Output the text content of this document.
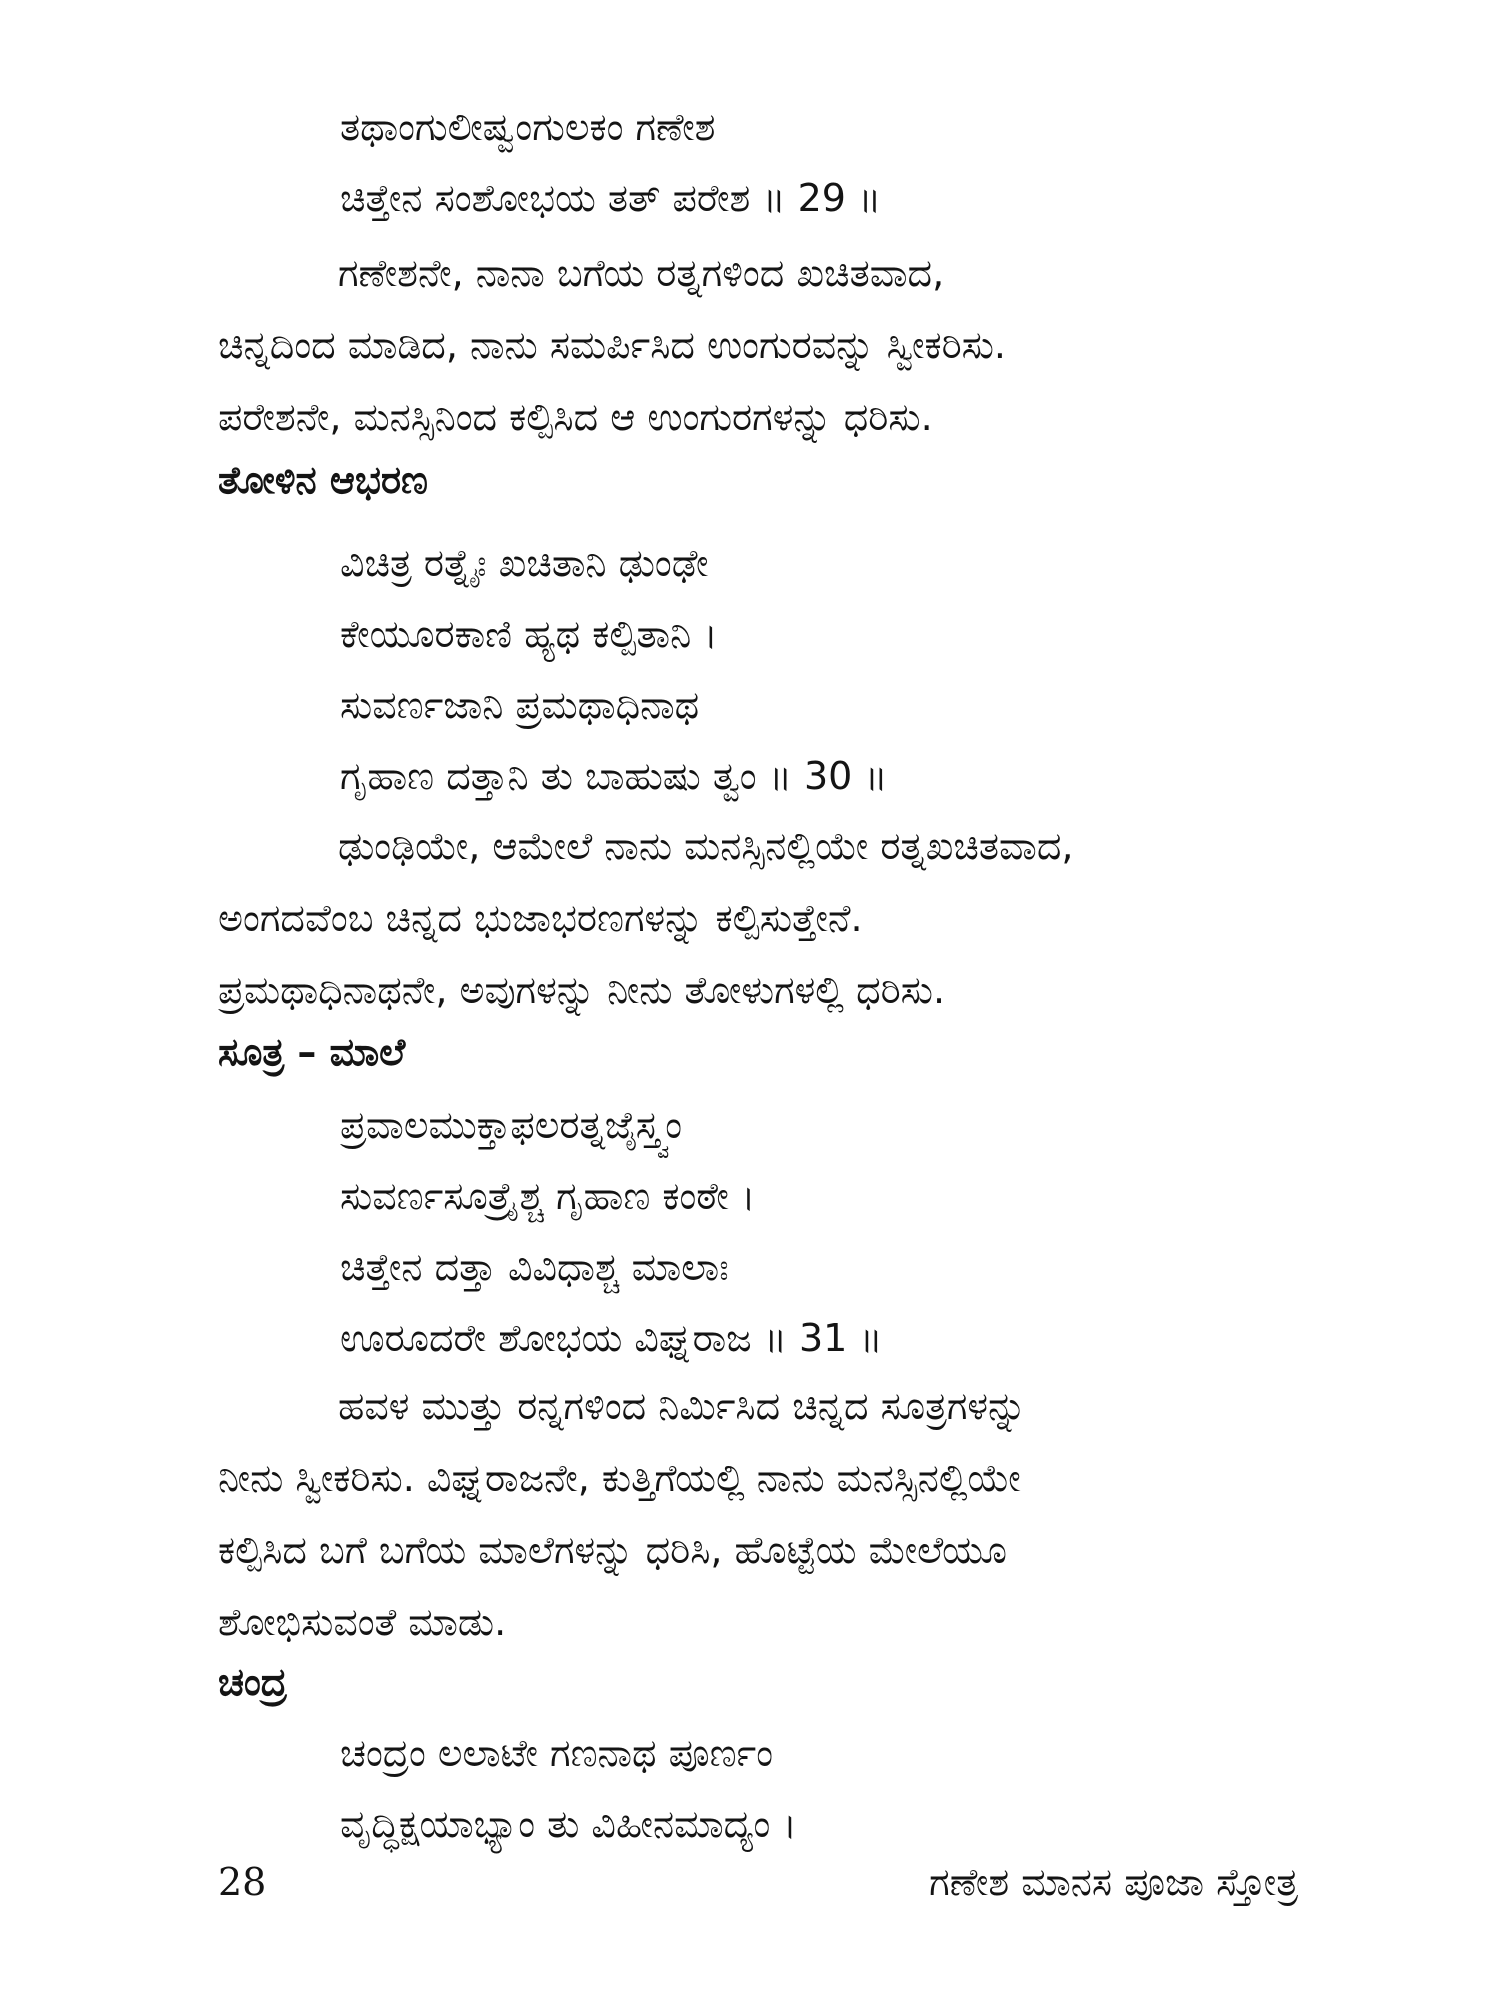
ತಥಾಂಗುಲೀಷ್ವಂಗುಲಕಂ ಗಣೇಶ
ಚಿತ್ತೇನ ಸಂಶೋಭಯ ತತ್ ಪರೇಶ ॥ 29 ॥
ಗಣೇಶನೇ, ನಾನಾ ಬಗೆಯ ರತ್ನಗಳಿಂದ ಖಚಿತವಾದ,
ಚಿನ್ನದಿಂದ ಮಾಡಿದ, ನಾನು ಸಮರ್ಪಿಸಿದ ಉಂಗುರವನ್ನು ಸ್ವೀಕರಿಸು.
ಪರೇಶನೇ, ಮನಸ್ಸಿನಿಂದ ಕಲ್ಪಿಸಿದ ಆ ಉಂಗುರಗಳನ್ನು ಧರಿಸು.
ತೋಳಿನ ಆಭರಣ
ವಿಚಿತ್ರ ರತ್ನೈಃ ಖಚಿತಾನಿ ಢುಂಢೇ
ಕೇಯೂರಕಾಣಿ ಹ್ಯಥ ಕಲ್ಪಿತಾನಿ ।
ಸುವರ್ಣಜಾನಿ ಪ್ರಮಥಾಧಿನಾಥ
ಗೃಹಾಣ ದತ್ತಾನಿ ತು ಬಾಹುಷು ತ್ವಂ ॥ 30 ॥
ಢುಂಢಿಯೇ, ಆಮೇಲೆ ನಾನು ಮನಸ್ಸಿನಲ್ಲಿಯೇ ರತ್ನಖಚಿತವಾದ,
ಅಂಗದವೆಂಬ ಚಿನ್ನದ ಭುಜಾಭರಣಗಳನ್ನು ಕಲ್ಪಿಸುತ್ತೇನೆ.
ಪ್ರಮಥಾಧಿನಾಥನೇ, ಅವುಗಳನ್ನು ನೀನು ತೋಳುಗಳಲ್ಲಿ ಧರಿಸು.
ಸೂತ್ರ – ಮಾಲೆ
ಪ್ರವಾಲಮುಕ್ತಾಫಲರತ್ನಜೈಸ್ತ್ವಂ
ಸುವರ್ಣಸೂತ್ರೈಶ್ಚ ಗೃಹಾಣ ಕಂಠೇ ।
ಚಿತ್ತೇನ ದತ್ತಾ ವಿವಿಧಾಶ್ಚ ಮಾಲಾಃ
ಊರೂದರೇ ಶೋಭಯ ವಿಘ್ನರಾಜ ॥ 31 ॥
ಹವಳ ಮುತ್ತು ರನ್ನಗಳಿಂದ ನಿರ್ಮಿಸಿದ ಚಿನ್ನದ ಸೂತ್ರಗಳನ್ನು
ನೀನು ಸ್ವೀಕರಿಸು. ವಿಘ್ನರಾಜನೇ, ಕುತ್ತಿಗೆಯಲ್ಲಿ ನಾನು ಮನಸ್ಸಿನಲ್ಲಿಯೇ
ಕಲ್ಪಿಸಿದ ಬಗೆ ಬಗೆಯ ಮಾಲೆಗಳನ್ನು ಧರಿಸಿ, ಹೊಟ್ಟೆಯ ಮೇಲೆಯೂ
ಶೋಭಿಸುವಂತೆ ಮಾಡು.
ಚಂದ್ರ
ಚಂದ್ರಂ ಲಲಾಟೇ ಗಣನಾಥ ಪೂರ್ಣಂ
ವೃದ್ಧಿಕ್ಷಯಾಭ್ಯಾಂ ತು ವಿಹೀನಮಾದ್ಯಂ ।
28	ಗಣೇಶ ಮಾನಸ ಪೂಜಾ ಸ್ತೋತ್ರ
